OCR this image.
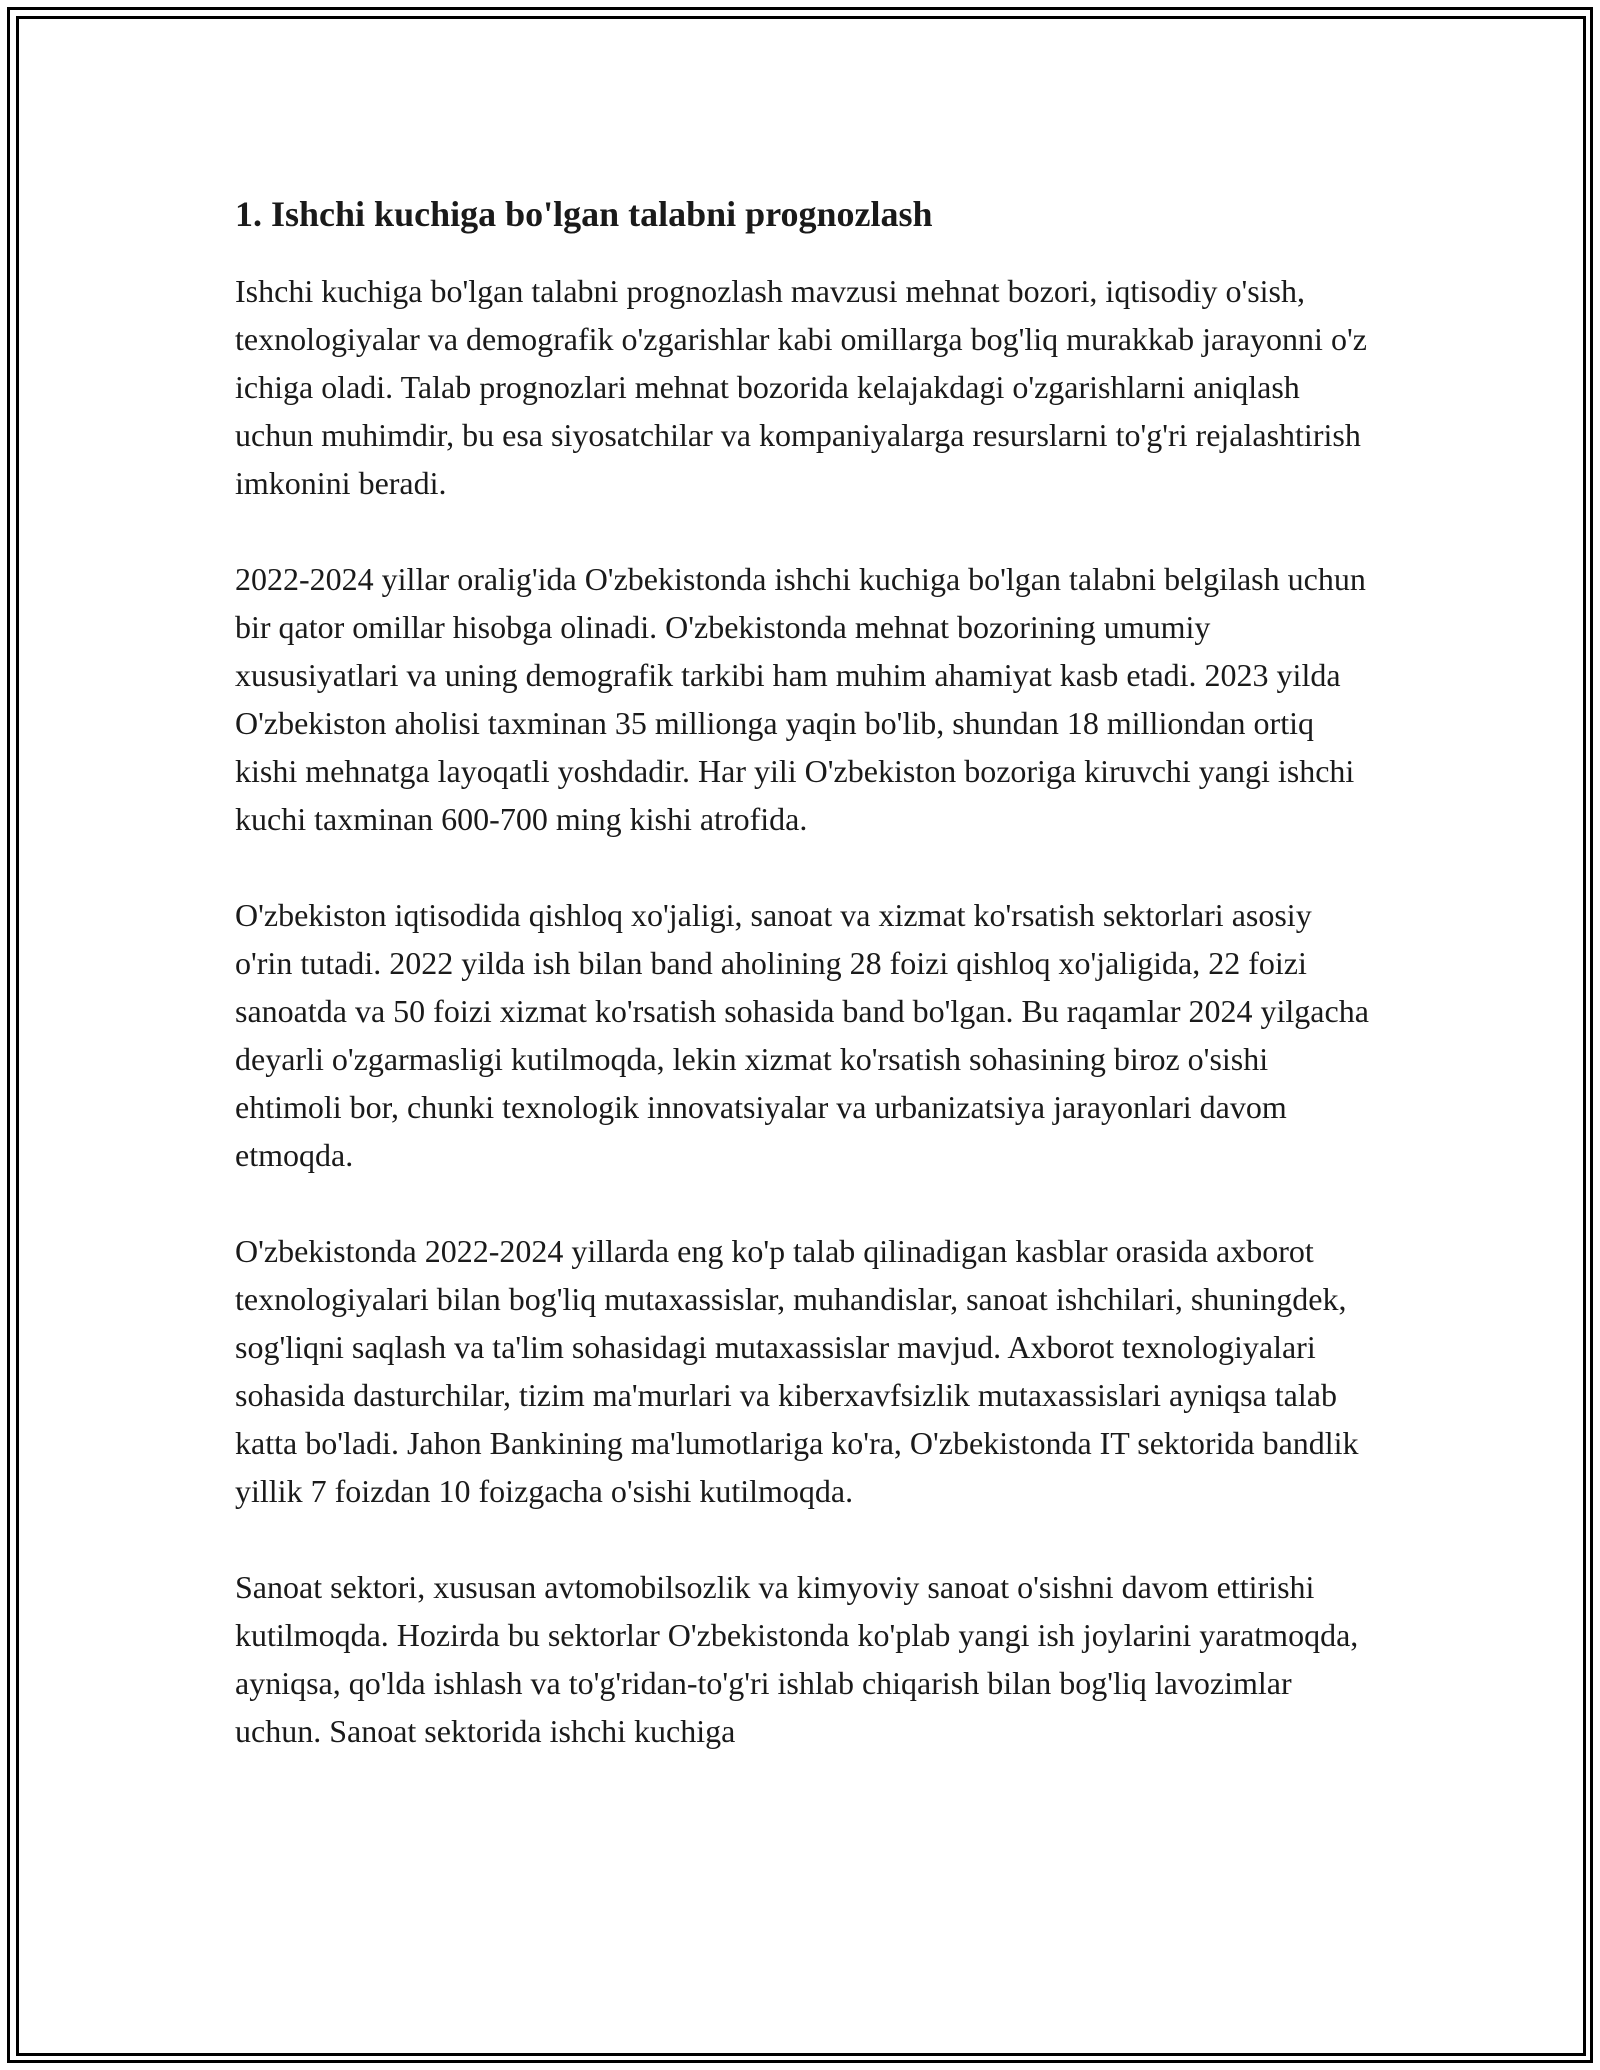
1. Ishchi kuchiga bo'lgan talabni prognozlash

Ishchi kuchiga bo'lgan talabni prognozlash mavzusi mehnat bozori, iqtisodiy o'sish, texnologiyalar va demografik o'zgarishlar kabi omillarga bog'liq murakkab jarayonni o'z ichiga oladi. Talab prognozlari mehnat bozorida kelajakdagi o'zgarishlarni aniqlash uchun muhimdir, bu esa siyosatchilar va kompaniyalarga resurslarni to'g'ri rejalashtirish imkonini beradi.

2022-2024 yillar oralig'ida O'zbekistonda ishchi kuchiga bo'lgan talabni belgilash uchun bir qator omillar hisobga olinadi. O'zbekistonda mehnat bozorining umumiy xususiyatlari va uning demografik tarkibi ham muhim ahamiyat kasb etadi. 2023 yilda O'zbekiston aholisi taxminan 35 millionga yaqin bo'lib, shundan 18 milliondan ortiq kishi mehnatga layoqatli yoshdadir. Har yili O'zbekiston bozoriga kiruvchi yangi ishchi kuchi taxminan 600-700 ming kishi atrofida.

O'zbekiston iqtisodida qishloq xo'jaligi, sanoat va xizmat ko'rsatish sektorlari asosiy o'rin tutadi. 2022 yilda ish bilan band aholining 28 foizi qishloq xo'jaligida, 22 foizi sanoatda va 50 foizi xizmat ko'rsatish sohasida band bo'lgan. Bu raqamlar 2024 yilgacha deyarli o'zgarmasligi kutilmoqda, lekin xizmat ko'rsatish sohasining biroz o'sishi ehtimoli bor, chunki texnologik innovatsiyalar va urbanizatsiya jarayonlari davom etmoqda.

O'zbekistonda 2022-2024 yillarda eng ko'p talab qilinadigan kasblar orasida axborot texnologiyalari bilan bog'liq mutaxassislar, muhandislar, sanoat ishchilari, shuningdek, sog'liqni saqlash va ta'lim sohasidagi mutaxassislar mavjud. Axborot texnologiyalari sohasida dasturchilar, tizim ma'murlari va kiberxavfsizlik mutaxassislari ayniqsa talab katta bo'ladi. Jahon Bankining ma'lumotlariga ko'ra, O'zbekistonda IT sektorida bandlik yillik 7 foizdan 10 foizgacha o'sishi kutilmoqda.

Sanoat sektori, xususan avtomobilsozlik va kimyoviy sanoat o'sishni davom ettirishi kutilmoqda. Hozirda bu sektorlar O'zbekistonda ko'plab yangi ish joylarini yaratmoqda, ayniqsa, qo'lda ishlash va to'g'ridan-to'g'ri ishlab chiqarish bilan bog'liq lavozimlar uchun. Sanoat sektorida ishchi kuchiga
